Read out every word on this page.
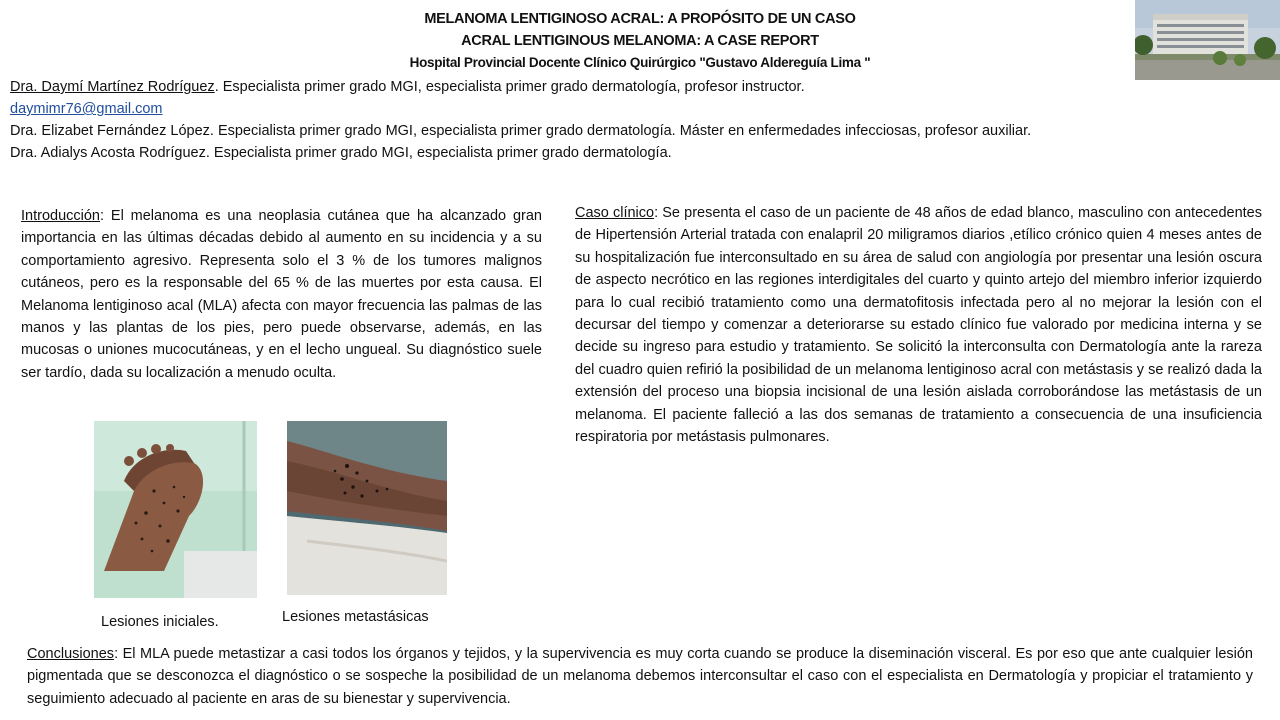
MELANOMA LENTIGINOSO ACRAL: A PROPÓSITO DE UN CASO
ACRAL LENTIGINOUS MELANOMA: A CASE REPORT
Hospital Provincial Docente Clínico Quirúrgico "Gustavo Aldereguía Lima "
Dra. Daymí Martínez Rodríguez. Especialista primer grado MGI, especialista primer grado dermatología, profesor instructor.
daymimr76@gmail.com
Dra. Elizabet Fernández López. Especialista primer grado MGI, especialista primer grado dermatología. Máster en enfermedades infecciosas, profesor auxiliar.
Dra. Adialys Acosta Rodríguez. Especialista primer grado MGI, especialista primer grado dermatología.
Introducción: El melanoma es una neoplasia cutánea que ha alcanzado gran importancia en las últimas décadas debido al aumento en su incidencia y a su comportamiento agresivo. Representa solo el 3 % de los tumores malignos cutáneos, pero es la responsable del 65 % de las muertes por esta causa. El Melanoma lentiginoso acal (MLA) afecta con mayor frecuencia las palmas de las manos y las plantas de los pies, pero puede observarse, además, en las mucosas o uniones mucocutáneas, y en el lecho ungueal. Su diagnóstico suele ser tardío, dada su localización a menudo oculta.
Caso clínico: Se presenta el caso de un paciente de 48 años de edad blanco, masculino con antecedentes de Hipertensión Arterial tratada con enalapril 20 miligramos diarios ,etílico crónico quien 4 meses antes de su hospitalización fue interconsultado en su área de salud con angiología por presentar una lesión oscura de aspecto necrótico en las regiones interdigitales del cuarto y quinto artejo del miembro inferior izquierdo para lo cual recibió tratamiento como una dermatofitosis infectada pero al no mejorar la lesión con el decursar del tiempo y comenzar a deteriorarse su estado clínico fue valorado por medicina interna y se decide su ingreso para estudio y tratamiento. Se solicitó la interconsulta con Dermatología ante la rareza del cuadro quien refirió la posibilidad de un melanoma lentiginoso acral con metástasis y se realizó dada la extensión del proceso una biopsia incisional de una lesión aislada corroborándose las metástasis de un melanoma. El paciente falleció a las dos semanas de tratamiento a consecuencia de una insuficiencia respiratoria por metástasis pulmonares.
Lesiones iniciales.	Lesiones metastásicas
Conclusiones: El MLA puede metastizar a casi todos los órganos y tejidos, y la supervivencia es muy corta cuando se produce la diseminación visceral. Es por eso que ante cualquier lesión pigmentada que se desconozca el diagnóstico o se sospeche la posibilidad de un melanoma debemos interconsultar el caso con el especialista en Dermatología y propiciar el tratamiento y seguimiento adecuado al paciente en aras de su bienestar y supervivencia.
